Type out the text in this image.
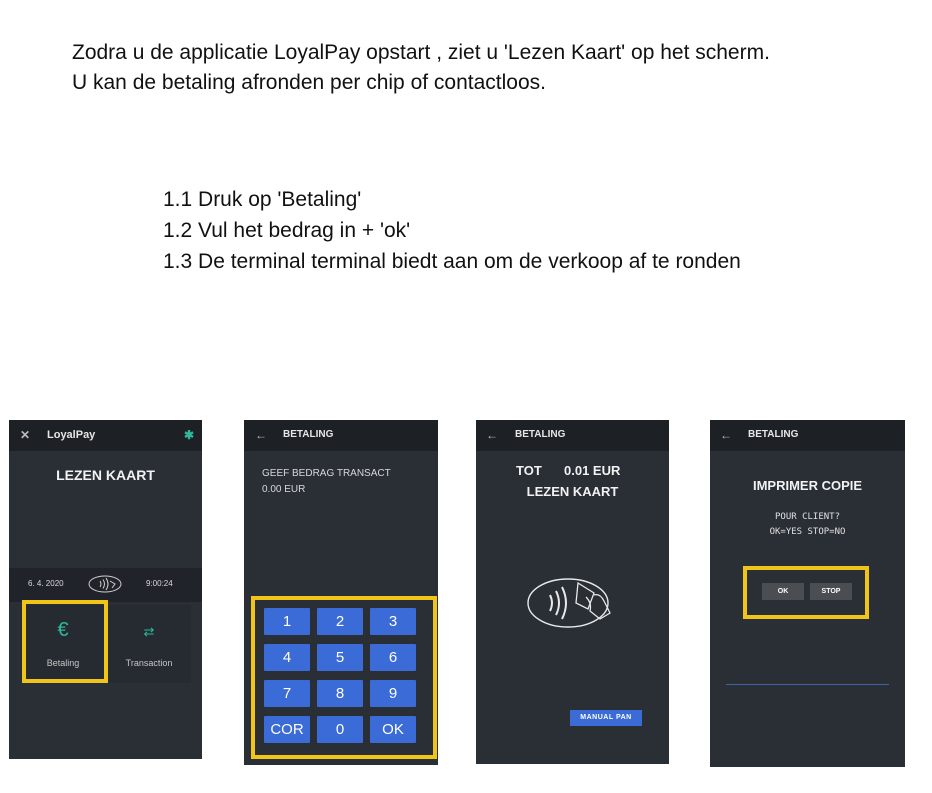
Zodra u de applicatie LoyalPay opstart , ziet u 'Lezen Kaart' op het scherm.
U kan de betaling afronden per chip of contactloos.
1.1 Druk op 'Betaling'
1.2 Vul het bedrag in + 'ok'
1.3 De terminal terminal biedt aan om de verkoop af te ronden
✕ LoyalPay	✱
LEZEN KAART
6. 4. 2020	9:00:24
€
Betaling
⇄
Transaction
← BETALING
GEEF BEDRAG TRANSACT
0.00 EUR
1	2	3
4	5	6
7	8	9
COR	0	OK
← BETALING
TOT 0.01 EUR
LEZEN KAART
MANUAL PAN
← BETALING
IMPRIMER COPIE
POUR CLIENT?
OK=YES STOP=NO
OK	STOP
